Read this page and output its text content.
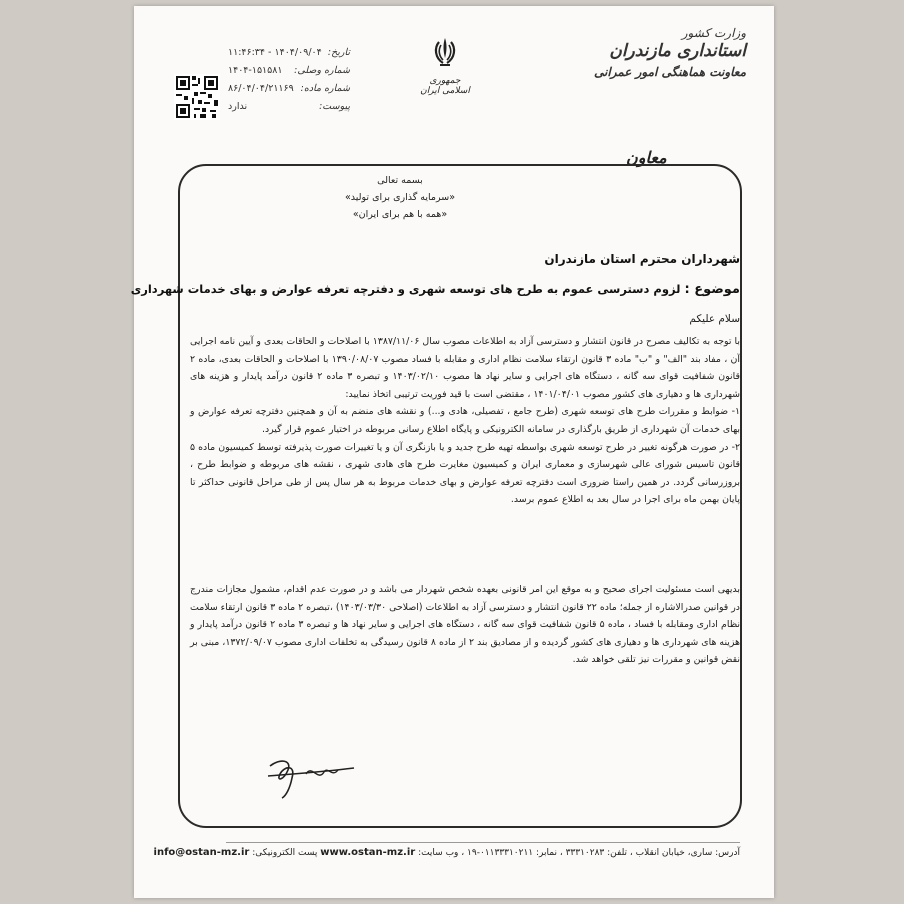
وزارت کشور
استانداری مازندران
معاونت هماهنگی امور عمرانی
جمهوری اسلامی ایران
تاریخ:
۱۴۰۴/۰۹/۰۴ - ۱۱:۴۶:۳۴
شماره وصلی:
۱۴۰۴-۱۵۱۵۸۱
شماره ماده:
۸۶/۰۴/۰۴/۲۱۱۶۹
پیوست:
ندارد
معاون
بسمه تعالی
«سرمایه گذاری برای تولید»
«همه با هم برای ایران»
شهرداران محترم استان مازندران
موضوع : لزوم دسترسی عموم به طرح های توسعه شهری و دفترچه تعرفه عوارض و بهای خدمات شهرداری
سلام علیکم

با توجه به تکالیف مصرح در قانون انتشار و دسترسی آزاد به اطلاعات مصوب سال ۱۳۸۷/۱۱/۰۶ با اصلاحات و الحاقات بعدی و آیین نامه اجرایی آن ، مفاد بند "الف" و "ب" ماده ۳ قانون ارتقاء سلامت نظام اداری و مقابله با فساد مصوب ۱۳۹۰/۰۸/۰۷ با اصلاحات و الحاقات بعدی، ماده ۲ قانون شفافیت قوای سه گانه ، دستگاه های اجرایی و سایر نهاد ها مصوب ۱۴۰۳/۰۲/۱۰ و تبصره ۳ ماده ۲ قانون درآمد پایدار و هزینه های شهرداری ها و دهیاری های کشور مصوب ۱۴۰۱/۰۴/۰۱ ، مقتضی است با قید فوریت ترتیبی اتخاذ نمایید:

۱- ضوابط و مقررات طرح های توسعه شهری (طرح جامع ، تفصیلی، هادی و...) و نقشه های منضم به آن و همچنین دفترچه تعرفه عوارض و بهای خدمات آن شهرداری از طریق بارگذاری در سامانه الکترونیکی و پایگاه اطلاع رسانی مربوطه در اختیار عموم قرار گیرد.

۲- در صورت هرگونه تغییر در طرح توسعه شهری بواسطه تهیه طرح جدید و یا بازنگری آن و یا تغییرات صورت پذیرفته توسط کمیسیون ماده ۵ قانون تاسیس شورای عالی شهرسازی و معماری ایران و کمیسیون مغایرت طرح های هادی شهری ، نقشه های مربوطه و ضوابط طرح ، بروزرسانی گردد. در همین راستا ضروری است دفترچه تعرفه عوارض و بهای خدمات مربوط به هر سال پس از طی مراحل قانونی حداکثر تا پایان بهمن ماه برای اجرا در سال بعد به اطلاع عموم برسد.

بدیهی است مسئولیت اجرای صحیح و به موقع این امر قانونی بعهده شخص شهردار می باشد و در صورت عدم اقدام، مشمول مجازات مندرج در قوانین صدرالاشاره از جمله؛ ماده ۲۲ قانون انتشار و دسترسی آزاد به اطلاعات (اصلاحی ۱۴۰۳/۰۳/۳۰) ،تبصره ۲ ماده ۳ قانون ارتقاء سلامت نظام اداری ومقابله با فساد ، ماده ۵ قانون شفافیت قوای سه گانه ، دستگاه های اجرایی و سایر نهاد ها و تبصره ۳ ماده ۲ قانون درآمد پایدار و هزینه های شهرداری ها و دهیاری های کشور گردیده و از مصادیق بند ۲ از ماده ۸ قانون رسیدگی به تخلفات اداری مصوب ۱۳۷۲/۰۹/۰۷، مبنی بر نقض قوانین و مقررات نیز تلقی خواهد شد.

آدرس: ساری، خیابان انقلاب ، تلفن: ۳۳۳۱۰۲۸۳ ، نمابر: ۰۱۱۳۳۳۱۰۲۱۱-۱۹ ، وب سایت: www.ostan-mz.ir پست الکترونیکی: info@ostan-mz.ir
